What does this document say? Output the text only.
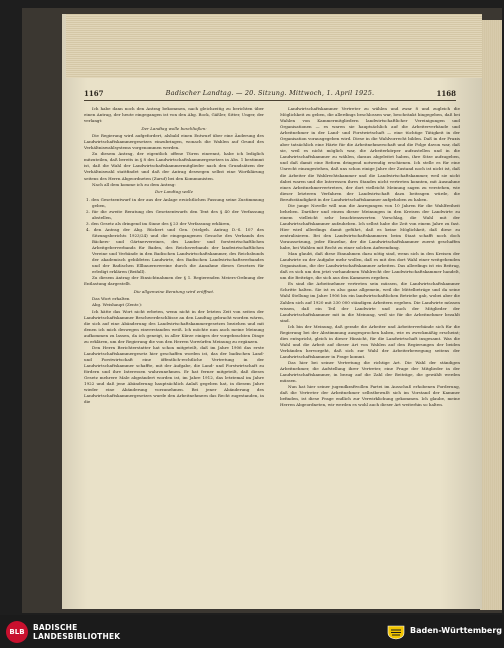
1167	Badischer Landtag. — 20. Sitzung. Mittwoch, 1. April 1925.	1168

Ich habe dann noch den Antrag bekommen, nach gleichzeitig zu berichten über einen Antrag, der heute eingegangen ist von den Abg. Bock, Gäßler, Sitter, Unger, der verlangt:

Der Landtag wolle beschließen:

Die Regierung wird aufgefordert, alsbald einen Entwurf über eine Änderung des Landwirtschaftskammergesetzes einzubringen, wonach die Wahlen auf Grund des Verhältniswahlsystems vorgenommen werden.

Zu diesem Antrag, der eigentlich offene Türen einrennt, habe ich lediglich mitzuteilen, daß bereits in § 8 des Landwirtschaftskammergesetzes in Abs. 1 bestimmt ist, daß die Wahl der Landwirtschaftskammermitglieder nach den Grundsätzen der Verhältniswahl stattfindet und daß der Antrag deswegen selbst eine Wortklärung seitens des Herrn Abgeordneten (Zuruf) bei den Kommunisten.

Nach all dem komme ich zu dem Antrag:

Der Landtag wolle

1. den Gesetzentwurf in der aus der Anlage ersichtlichen Fassung seine Zustimmung geben,

2. für die zweite Beratung des Gesetzentwurfs den Text des § 40 der Verfassung abstellen,

3. den Gesetz als dringend im Sinne des § 23 der Verfassung erklären,

4. den Antrag der Abg. Rückert und Gen. (vielgeh. Antrag D.-S. 107 des Sitzungsberichts 1923/24) und die eingegangenen Gesuche des Verbands des Bäckers- und Gärtnervereines, des Landes- und forstwirtschaftlichen Arbeitgeberverbands für Baden, des Reichsverbands der landwirtschaftlichen Vereine und Verbände in den Badischen Landwirtschaftskammer, des Reichsbunds der akademisch gebildeten Landwirte, des Badischen Landwirtschaftsverbandes und der Badischen Ellbauernvereine durch die Annahme dieses Gesetzes für erledigt erklären (Beifall).

Zu diesem Antrag der Einsichtnahmen der § 1. Regierenden Meiers-Ordnung der Entlastung dargestellt.

Die allgemeine Beratung wird eröffnet.

Das Wort erhalten

Abg. Weishaupt (Zentr.):

Ich hätte das Wort nicht erbeten, wenn nicht in der letzten Zeit von seiten der Landwirtschaftskammer Beschwerdeschlüsse an den Landtag gebracht worden wären, die sich auf eine Abänderung des Landwirtschaftskammergesetzes beziehen und mit denen ich mich deswegen einverstanden weiß. Ich möchte nun auch meine Meinung aufkommen zu lassen, da ich geneigt, in aller Kürze einiges der vorgebrachten Dinge zu erklären, um der Regierung die von den Herren Vorwürfen Meinung zu ergänzen.

Den Herrn Berichterstatter hat schon mitgeteilt, daß im Jahre 1906 das erste Landwirtschaftskammergesetz hier geschaffen worden ist, das der badischen Land- und Forstwirtschaft eine öffentlich-rechtliche Vertretung in der Landwirtschaftskammer schaffte, mit der Aufgabe, die Land- und Forstwirtschaft zu fördern und ihre Interessen wahrzunehmen. Er hat ferner mitgeteilt, daß dieses Gesetz mehrere Male abgeändert worden ist, im Jahre 1912, das letztemal im Jahre 1922 und daß jene Abänderung hauptsächlich Anlaß gegeben hat, in diesem Jahre wieder eine Abänderung vorzunehmen. Bei jener Abänderung des Landwirtschaftskammergesetzes wurde den Arbeitnehmern das Recht zugestanden, in die

Landwirtschaftskammer Vertreter zu wählen und zwar 8 und zugleich die Möglichkeit zu geben, die allerdings beschlossen war, beschränkt hingegeben, daß bei Wahlen von Kammermitgliedern landwirtschaftlicher Vereinigungen und Organisationen — es waren sie hauptsächlich auf die Arbeiterverbände und Arbeitnehmer in der Land- und Forstwirtschaft — eine tüchtige Tätigkeit in der Organisation vorausgegeben wird. Diese in die Wahlvorrecht bilden. Daß in der Praxis aber tatsächlich eine Härte für die Arbeitnehmerschaft und die Folge davon war, daß sie, weil es nicht möglich war, die Arbeiterkörper aufzustellen und in die Landwirtschaftskammer zu wählen, daraus abgeleitet haben, ihre Sitze aufzugeben, und daß damit eine Reform dringend notwendig erschienen. Ich stelle es für eine Unrecht einzugestehen, daß uns schon einige Jahre der Zustand noch ist nicht ist, daß die Arbeiter die Wahlrechtskammer und die Landwirtschaftskammer, weil sie nicht dabei waren und die Interessen ihres Standes nicht vertreten konnten, mit Ausnahme eines Arbeitnehmervertreters, der dort vielleicht Meinung sagen zu verstehen, wie dieser letzteren Verfahren der Landwirtschaft dazu beitragen würde, die Berufsständigkeit in der Landwirtschaftskammer aufgehoben zu haben.

Die junge Novelle will nun die Anregungen von 10 Jahren für die Wahlfreiheit beheben. Darüber und einem dieser Meinungen in den Kreisen der Landwirte zu einem vielleicht sehr beachtenswerten Vorschlag, die Wahl mit der Landwirtschaftskammer aufzuheben. Ich selbst habe die Zeit von einem Jahre zu fast. Hier wird allerdings damit geführt, daß es keine Möglichkeit, daß diese zu zentralisieren. Bei den Landwirtschaftskammern beim Staat schafft noch doch Voraussetzung, jeder Einzelne, der die Landwirtschaftskammer zuerst geschaffen habe, bei Wahlen mit Recht zu einer solchen Aufwendung.

Man glaubt, daß diese Einnahmen dazu nötig sind, wenn sich in den Kreisen der Landwirte zu der Aufgabe mehr wollen, daß es mit den dort Wahl einer weitgehenden Organisation, die der Landwirtschaftskammer arbeiten. Das allerdings ist ein Beitrag, daß es sich um den jetzt vorhandenen Wahlrecht der Landwirtschaftskammer handelt, um die Beiträge, die sich aus den Kammern ergeben.

Es sind die Arbeitnehmer vertreten sein müssen, die Landwirtschaftskammer Schritte halten. Sie ist es also ganz allgemein, weil die Mittelbeträge und da seine Wahl Stellung im Jahre 1906 bis ein landwirtschaftlichen Betriebe gab, wobei aber die Zahlen sich auf 1920 mit 230 000 ständigen Arbeitern ergeben. Die Landwirte müssen wissen, daß ein Teil der Landwirte und auch der Mitglieder der Landwirtschaftskammer mit in die Meinung, weil sie für die Arbeitnehmer bezahlt sind.

Ich bin der Meinung, daß gerade die Arbeiter und Arbeiterverbände sich für die Regierung bei der Abstimmung ausgesprochen haben, wie es zweckmäßig erscheint; dies entspricht, gleich in dieser Hinsicht, für die Landwirtschaft insgesamt. Was die Wahl und die Arbeit auf dieser Art von Wahlen auf den Regierungen der beiden Verbänden hervorgeht, daß sich zur Wahl der Arbeiterbewegung seitens der Landwirtschaftskammer in Frage kommt.

Das hier bei seiner Vertretung die richtige Art. Die Wahl der ständigen Arbeitnehmer, die Aufstellung ihrer Vertreter, eine Frage der Mitglieder in der Landwirtschaftskammer, in bezug auf die Zahl der Beiträge, die gewählt werden müssen.

Nun hat hier seiner jugendkraftvollen Partei im Ausschuß erhobenen Forderung, daß die Vertreter der Arbeitnehmer selbstbewußt sich im Vorstand der Kammer befinden, ist diese Frage endlich zur Verwirklichung gekommen. Ich glaube, meine Herren Abgeordneten, wir werden es wohl auch dieser Art weiterhin so halten.

BLB BADISCHE
LANDESBIBLIOTHEK
Baden-Württemberg
